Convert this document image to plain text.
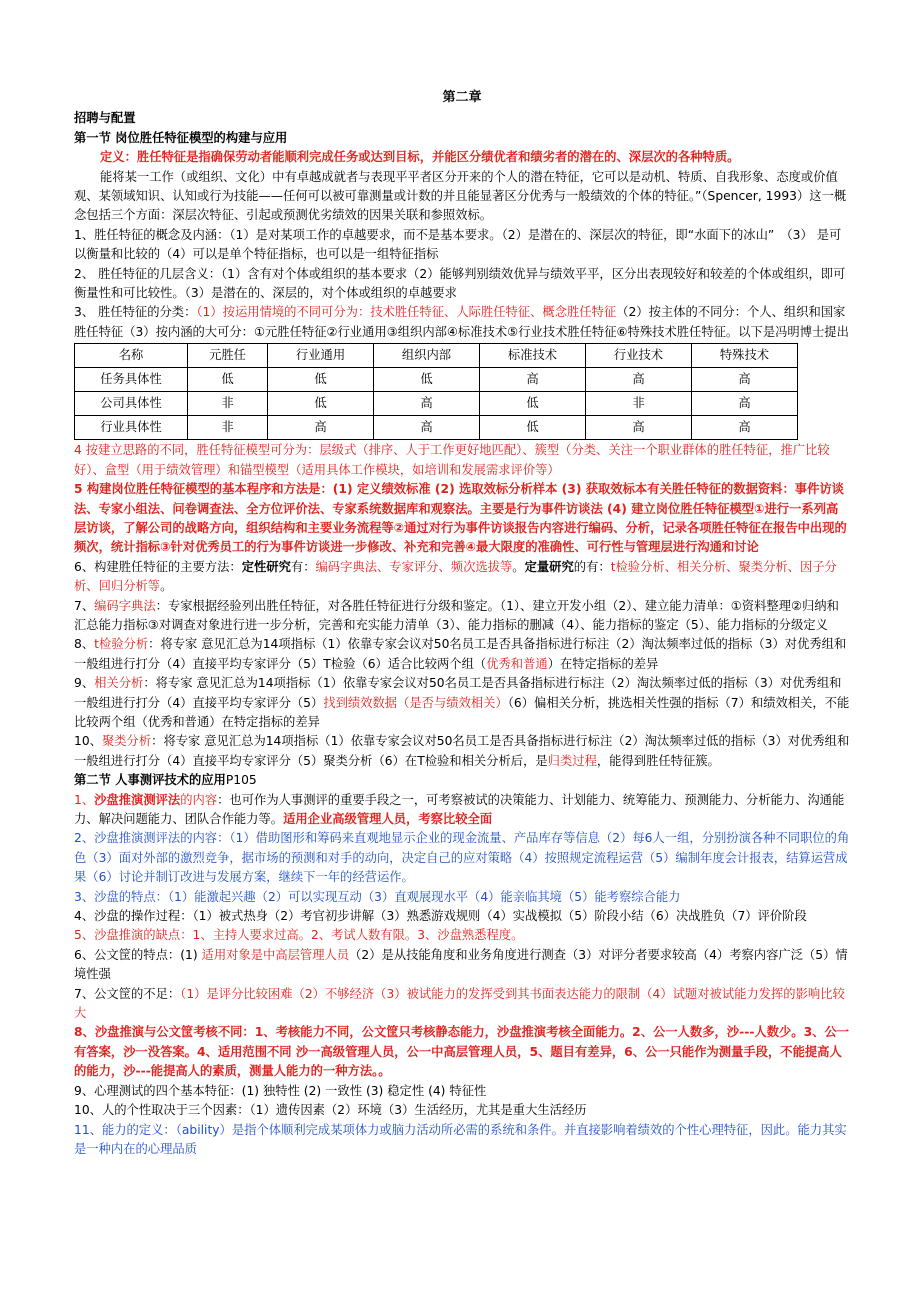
第二章

招聘与配置

第一节 岗位胜任特征模型的构建与应用

定义：胜任特征是指确保劳动者能顺利完成任务或达到目标，并能区分绩优者和绩劣者的潜在的、深层次的各种特质。

能将某一工作（或组织、文化）中有卓越成就者与表现平平者区分开来的个人的潜在特征，它可以是动机、特质、自我形象、态度或价值观、某领域知识、认知或行为技能——任何可以被可靠测量或计数的并且能显著区分优秀与一般绩效的个体的特征。”（Spencer, 1993）这一概念包括三个方面：深层次特征、引起或预测优劣绩效的因果关联和参照效标。

1、胜任特征的概念及内涵：（1）是对某项工作的卓越要求，而不是基本要求。（2）是潜在的、深层次的特征，即“水面下的冰山”　（3） 是可以衡量和比较的（4）可以是单个特征指标，也可以是一组特征指标

2、 胜任特征的几层含义：（1）含有对个体或组织的基本要求（2）能够判别绩效优异与绩效平平，区分出表现较好和较差的个体或组织，即可衡量性和可比较性。（3）是潜在的、深层的，对个体或组织的卓越要求

3、 胜任特征的分类：（1）按运用情境的不同可分为：技术胜任特征、人际胜任特征、概念胜任特征（2）按主体的不同分：个人、组织和国家胜任特征（3）按内涵的大可分：①元胜任特征②行业通用③组织内部④标准技术⑤行业技术胜任特征⑥特殊技术胜任特征。以下是冯明博士提出

名称	元胜任	行业通用	组织内部	标准技术	行业技术	特殊技术
任务具体性	低	低	低	高	高	高
公司具体性	非	低	高	低	非	高
行业具体性	非	高	高	低	高	高

4 按建立思路的不同，胜任特征模型可分为：层级式（排序、人于工作更好地匹配）、簇型（分类、关注一个职业群体的胜任特征，推广比较好）、盒型（用于绩效管理）和锚型模型（适用具体工作模块，如培训和发展需求评价等）

5 构建岗位胜任特征模型的基本程序和方法是：(1) 定义绩效标准 (2) 选取效标分析样本 (3) 获取效标本有关胜任特征的数据资料：事件访谈法、专家小组法、问卷调查法、全方位评价法、专家系统数据库和观察法。主要是行为事件访谈法 (4) 建立岗位胜任特征模型①进行一系列高层访谈，了解公司的战略方向，组织结构和主要业务流程等②通过对行为事件访谈报告内容进行编码、分析，记录各项胜任特征在报告中出现的频次，统计指标③针对优秀员工的行为事件访谈进一步修改、补充和完善④最大限度的准确性、可行性与管理层进行沟通和讨论

6、构建胜任特征的主要方法：定性研究有：编码字典法、专家评分、频次选拔等。定量研究的有：t检验分析、相关分析、聚类分析、因子分析、回归分析等。

7、编码字典法：专家根据经验列出胜任特征，对各胜任特征进行分级和鉴定。（1）、建立开发小组（2）、建立能力清单：①资料整理②归纳和汇总能力指标③对调查对象进行进一步分析，完善和充实能力清单（3）、能力指标的删减（4）、能力指标的鉴定（5）、能力指标的分级定义

8、t检验分析：将专家 意见汇总为14项指标（1）依靠专家会议对50名员工是否具备指标进行标注（2）淘汰频率过低的指标（3）对优秀组和一般组进行打分（4）直接平均专家评分（5）T检验（6）适合比较两个组（优秀和普通）在特定指标的差异

9、相关分析：将专家 意见汇总为14项指标（1）依靠专家会议对50名员工是否具备指标进行标注（2）淘汰频率过低的指标（3）对优秀组和一般组进行打分（4）直接平均专家评分（5）找到绩效数据（是否与绩效相关）（6）偏相关分析，挑选相关性强的指标（7）和绩效相关，不能比较两个组（优秀和普通）在特定指标的差异

10、聚类分析：将专家 意见汇总为14项指标（1）依靠专家会议对50名员工是否具备指标进行标注（2）淘汰频率过低的指标（3）对优秀组和一般组进行打分（4）直接平均专家评分（5）聚类分析（6）在T检验和相关分析后，是归类过程，能得到胜任特征簇。

第二节 人事测评技术的应用P105

1、沙盘推演测评法的内容：也可作为人事测评的重要手段之一，可考察被试的决策能力、计划能力、统筹能力、预测能力、分析能力、沟通能力、解决问题能力、团队合作能力等。适用企业高级管理人员，考察比较全面

2、沙盘推演测评法的内容：（1）借助图形和筹码来直观地显示企业的现金流量、产品库存等信息（2）每6人一组，分别扮演各种不同职位的角色（3）面对外部的激烈竞争，据市场的预测和对手的动向，决定自己的应对策略（4）按照规定流程运营（5）编制年度会计报表，结算运营成果（6）讨论并制订改进与发展方案，继续下一年的经营运作。

3、沙盘的特点：（1）能激起兴趣（2）可以实现互动（3）直观展现水平（4）能亲临其境（5）能考察综合能力

4、沙盘的操作过程：（1）被式热身（2）考官初步讲解（3）熟悉游戏规则（4）实战模拟（5）阶段小结（6）决战胜负（7）评价阶段

5、沙盘推演的缺点：1、主持人要求过高。2、考试人数有限。3、沙盘熟悉程度。

6、公文筐的特点：(1) 适用对象是中高层管理人员（2）是从技能角度和业务角度进行测查（3）对评分者要求较高（4）考察内容广泛（5）情境性强

7、公文筐的不足：（1）是评分比较困难（2）不够经济（3）被试能力的发挥受到其书面表达能力的限制（4）试题对被试能力发挥的影响比较大

8、沙盘推演与公文筐考核不同：1、考核能力不同，公文筐只考核静态能力，沙盘推演考核全面能力。2、公一人数多，沙---人数少。3、公一有答案，沙一没答案。4、适用范围不同 沙一高级管理人员，公一中高层管理人员，5、题目有差异，6、公一只能作为测量手段，不能提高人的能力，沙---能提高人的素质，测量人能力的一种方法。。

9、心理测试的四个基本特征：(1) 独特性 (2) 一致性 (3) 稳定性 (4) 特征性

10、人的个性取决于三个因素：（1）遗传因素（2）环境（3）生活经历，尤其是重大生活经历

11、能力的定义：（ability）是指个体顺利完成某项体力或脑力活动所必需的系统和条件。并直接影响着绩效的个性心理特征，因此。能力其实是一种内在的心理品质
